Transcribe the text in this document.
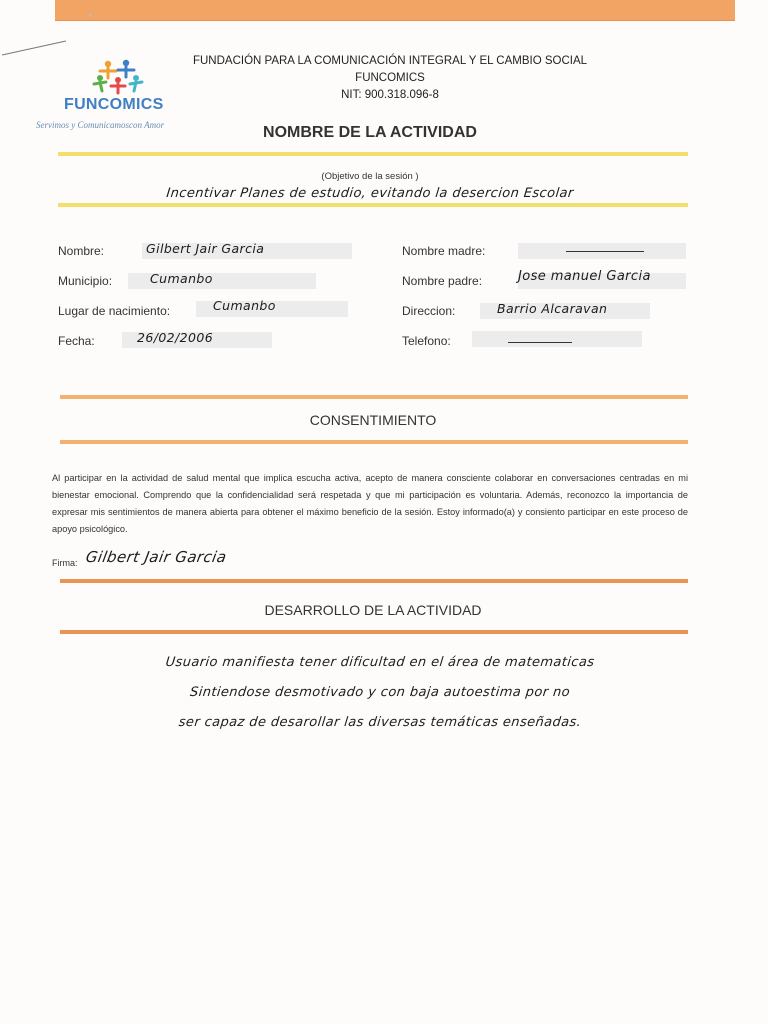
FUNCOMICS
Servimos y Comunicamoscon Amor
FUNDACIÓN PARA LA COMUNICACIÓN INTEGRAL Y EL CAMBIO SOCIAL
FUNCOMICS
NIT: 900.318.096-8
NOMBRE DE LA ACTIVIDAD
(Objetivo de la sesión )
Incentivar Planes de estudio, evitando la desercion Escolar
Nombre:	Gilbert Jair Garcia
Municipio:	Cumanbo
Lugar de nacimiento:	Cumanbo
Fecha:	26/02/2006
Nombre madre:
Nombre padre:	Jose manuel Garcia
Direccion:	Barrio Alcaravan
Telefono:
CONSENTIMIENTO
Al participar en la actividad de salud mental que implica escucha activa, acepto de manera consciente colaborar en conversaciones centradas en mi bienestar emocional. Comprendo que la confidencialidad será respetada y que mi participación es voluntaria. Además, reconozco la importancia de expresar mis sentimientos de manera abierta para obtener el máximo beneficio de la sesión. Estoy informado(a) y consiento participar en este proceso de apoyo psicológico.
Firma: Gilbert Jair Garcia
DESARROLLO DE LA ACTIVIDAD
Usuario manifiesta tener dificultad en el área de matematicas
Sintiendose desmotivado y con baja autoestima por no
ser capaz de desarollar las diversas temáticas enseñadas.
